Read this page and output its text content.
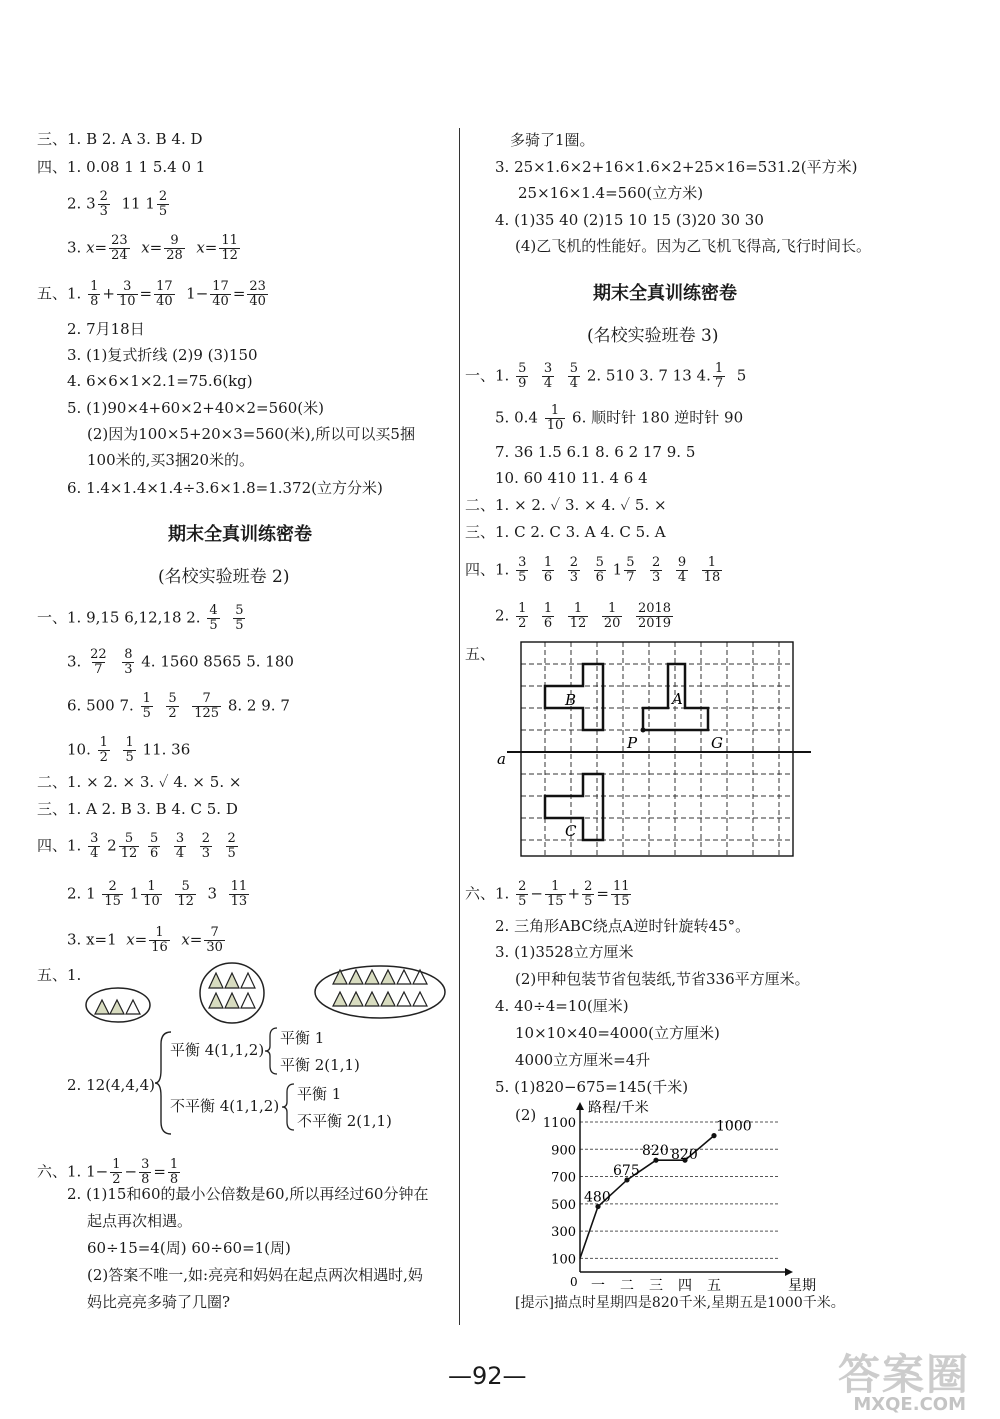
三、1. B 2. A 3. B 4. D
四、1. 0.08 1 1 5.4 0 1
2. $3 \frac{2}{3} 11$ $1 \frac{2}{5}$
3. $x= \frac{23}{24} x= \frac{9}{28} x= \frac{11}{12}$
五、1. $\frac{1}{8} + \frac{3}{10} = \frac{17}{40} 1- \frac{17}{40} = \frac{23}{40}$
2. 7月18日
3. (1)复式折线 (2)9 (3)150
4. 6×6×1×2.1=75.6(kg)
5. (1)90×4+60×2+40×2=560(米)
(2)因为100×5+20×3=560(米),所以可以买5捆
100米的,买3捆20米的。
6. 1.4×1.4×1.4÷3.6×1.8=1.372(立方分米)
期末全真训练密卷
(名校实验班卷 2)
一、1. 9,15 6,12,18 2. $\frac{4}{5}$
$\frac{5}{5}$
3. $\frac{22}{7}$
$\frac{8}{3} 4$. 1560 8565 5. 180
6. 500 7. $\frac{1}{5}$
$\frac{5}{2}$
$\frac{7}{125} 8$. 2 9. 7
10. $\frac{1}{2}$
$\frac{1}{5} 11$. 36
二、1. × 2. × 3. ✓ 4. × 5. ×
三、1. A 2. B 3. B 4. C 5. D
四、1. $\frac{3}{4} 2 \frac{5}{12}$
$\frac{5}{6}$
$\frac{3}{4}$
$\frac{2}{3}$
$\frac{2}{5}$
2. $1 \frac{2}{15} 1 \frac{1}{10}$
$\frac{5}{12} 3 \frac{11}{13}$
3. x=1 $x= \frac{1}{16} x= \frac{7}{30}$
五、1.
2. 12(4,4,4)
平衡 4(1,1,2)
平衡 1
平衡 2(1,1)
不平衡 4(1,1,2)
平衡 1
不平衡 2(1,1)
六、1. $1- \frac{1}{2} - \frac{3}{8} = \frac{1}{8}$
2. (1)15和60的最小公倍数是60,所以再经过60分钟在
起点再次相遇。
60÷15=4(周) 60÷60=1(周)
(2)答案不唯一,如:亮亮和妈妈在起点两次相遇时,妈
妈比亮亮多骑了几圈?
多骑了1圈。
3. 25×1.6×2+16×1.6×2+25×16=531.2(平方米)
25×16×1.4=560(立方米)
4. (1)35 40 (2)15 10 15 (3)20 30 30
(4)乙飞机的性能好。因为乙飞机飞得高,飞行时间长。
期末全真训练密卷
(名校实验班卷 3)
一、1. $\frac{5}{9}$
$\frac{3}{4}$
$\frac{5}{4} 2$. 510 3. 7 13 4. $\frac{1}{7} 5$
5. $0.4 \frac{1}{10} 6$. 顺时针 180 逆时针 90
7. 36 1.5 6.1 8. 6 2 17 9. 5
10. 60 410 11. 4 6 4
二、1. × 2. ✓ 3. × 4. ✓ 5. ×
三、1. C 2. C 3. A 4. C 5. A
四、1. $\frac{3}{5}$
$\frac{1}{6}$
$\frac{2}{3}$
$\frac{5}{6} 1 \frac{5}{7}$
$\frac{2}{3}$
$\frac{9}{4}$
$\frac{1}{18}$
2. $\frac{1}{2}$
$\frac{1}{6}$
$\frac{1}{12}$
$\frac{1}{20}$
$\frac{2018}{2019}$
五、
B	A
C
P	G
a
六、1. $\frac{2}{5} - \frac{1}{15} + \frac{2}{5} = \frac{11}{15}$
2. 三角形ABC绕点A逆时针旋转45°。
3. (1)3528立方厘米
(2)甲种包装节省包装纸,节省336平方厘米。
4. 40÷4=10(厘米)
10×10×40=4000(立方厘米)
4000立方厘米=4升
5. (1)820−675=145(千米)
(2)	路程/千米
星期
0
100
300
500
700
900
1100
一 二 三 四 五
480
675
820 820
1000
[提示]描点时星期四是820千米,星期五是1000千米。
—92—	答案圈
MXQE.COM
